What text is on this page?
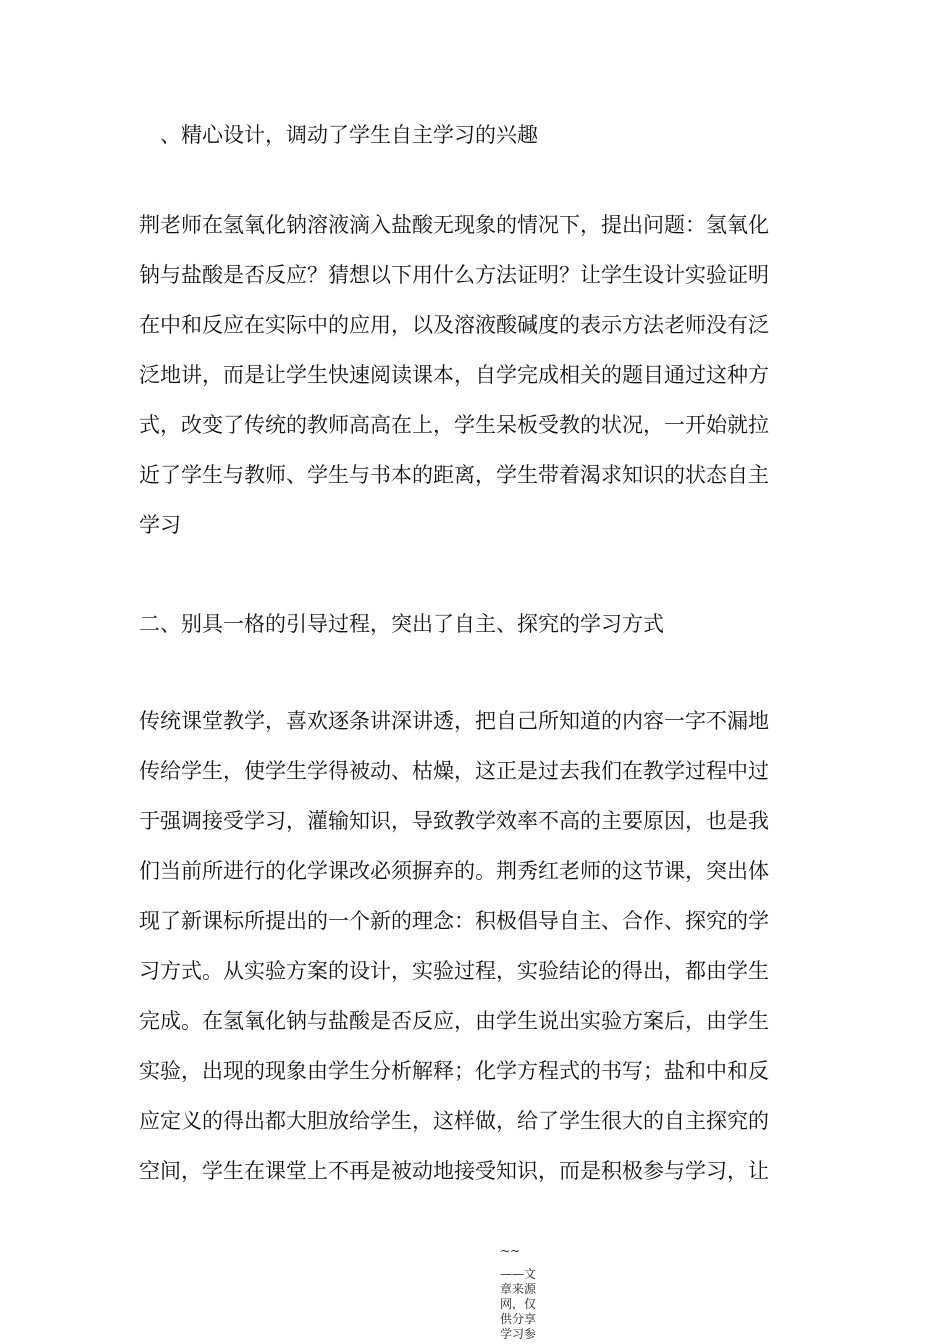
、精心设计，调动了学生自主学习的兴趣
荆老师在氢氧化钠溶液滴入盐酸无现象的情况下，提出问题：氢氧化
钠与盐酸是否反应？猜想以下用什么方法证明？让学生设计实验证明
在中和反应在实际中的应用，以及溶液酸碱度的表示方法老师没有泛
泛地讲，而是让学生快速阅读课本，自学完成相关的题目通过这种方
式，改变了传统的教师高高在上，学生呆板受教的状况，一开始就拉
近了学生与教师、学生与书本的距离，学生带着渴求知识的状态自主
学习
二、别具一格的引导过程，突出了自主、探究的学习方式
传统课堂教学，喜欢逐条讲深讲透，把自己所知道的内容一字不漏地
传给学生，使学生学得被动、枯燥，这正是过去我们在教学过程中过
于强调接受学习，灌输知识，导致教学效率不高的主要原因，也是我
们当前所进行的化学课改必须摒弃的。荆秀红老师的这节课，突出体
现了新课标所提出的一个新的理念：积极倡导自主、合作、探究的学
习方式。从实验方案的设计，实验过程，实验结论的得出，都由学生
完成。在氢氧化钠与盐酸是否反应，由学生说出实验方案后，由学生
实验，出现的现象由学生分析解释；化学方程式的书写；盐和中和反
应定义的得出都大胆放给学生，这样做，给了学生很大的自主探究的
空间，学生在课堂上不再是被动地接受知识，而是积极参与学习，让
~~
——文
章来源
网，仅
供分享
学习参
